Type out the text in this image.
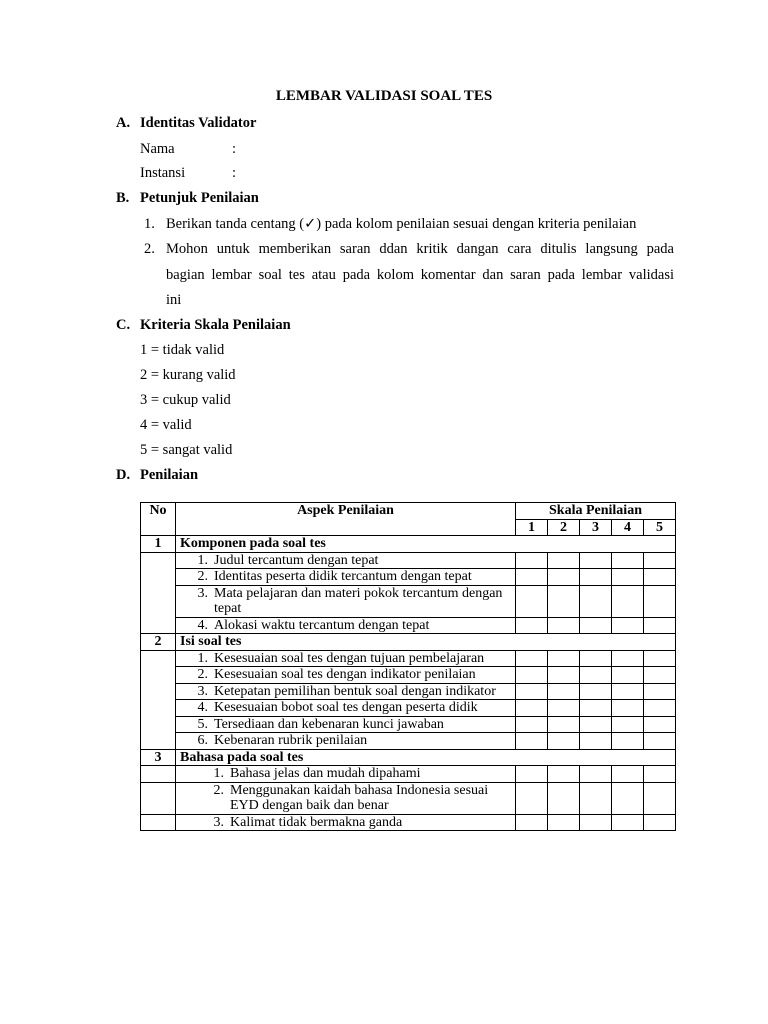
LEMBAR VALIDASI SOAL TES
A. Identitas Validator
Nama	:
Instansi	:
B. Petunjuk Penilaian
1. Berikan tanda centang (✓) pada kolom penilaian sesuai dengan kriteria penilaian
2. Mohon untuk memberikan saran ddan kritik dangan cara ditulis langsung pada
bagian lembar soal tes atau pada kolom komentar dan saran pada lembar validasi
ini
C. Kriteria Skala Penilaian
1 = tidak valid
2 = kurang valid
3 = cukup valid
4 = valid
5 = sangat valid
D. Penilaian
No	Aspek Penilaian	Skala Penilaian				
		1	2	3	4	5
1	Komponen pada soal tes					
	1. Judul tercantum dengan tepat					
	2. Identitas peserta didik tercantum dengan tepat					
	3. Mata pelajaran dan materi pokok tercantum dengan tepat					
	4. Alokasi waktu tercantum dengan tepat					
2	Isi soal tes					
	1. Kesesuaian soal tes dengan tujuan pembelajaran					
	2. Kesesuaian soal tes dengan indikator penilaian					
	3. Ketepatan pemilihan bentuk soal dengan indikator					
	4. Kesesuaian bobot soal tes dengan peserta didik					
	5. Tersediaan dan kebenaran kunci jawaban					
	6. Kebenaran rubrik penilaian					
3	Bahasa pada soal tes					
	1. Bahasa jelas dan mudah dipahami					
	2. Menggunakan kaidah bahasa Indonesia sesuai EYD dengan baik dan benar					
	3. Kalimat tidak bermakna ganda					
